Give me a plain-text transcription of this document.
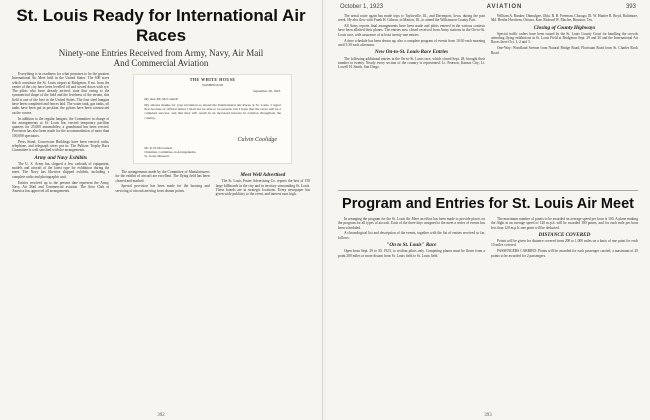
St. Louis Ready for International Air Races
Ninety-one Entries Received from Army, Navy, Air Mail
And Commercial Aviation

Everything is in readiness for what promises to be the greatest International Air Meet held in the United States. The 600 acres which constitute the St. Louis airport at Bridgeton, 8 mi. from the center of the city have been levelled off and sowed down with rye. The pilots who have already arrived, state that owing to the symmetrical shape of the field and the levelness of the terrain, this field is one of the best in the United States. The four steel hangars have been completed and fences laid. The water tank, gas tanks, oil tanks have been put in position, the pylons have been constructed on the course.

In addition to the regular hangars, the Committee in charge of the arrangements at St. Louis has erected temporary pavilion quarters for 25,000 automobiles; a grandstand has been erected. Provision has also been made for the accommodation of more than 100,000 spectators.

Press Stand, Concession Buildings have been erected; radio, telephone, and telegraph wires put in. The Pulitzer Trophy Race Committee is well satisfied with the arrangements.

Army and Navy Exhibits

The U. S. Army has shipped a few carloads of equipment, models and aircraft of the latest type for exhibition during the meet. The Navy has likewise shipped exhibits, including a complete radio and photographic unit.

Entries received up to the present date represent the Army, Navy, Air Mail and Commercial aviation. The Aero Club of America has approved all arrangements.

THE WHITE HOUSE
WASHINGTON
September 26, 1923.
My dear Mr. McConnell:
My sincere thanks for your invitation to attend the International Air Races at St. Louis. I regret that because of official duties I shall not be able to be present, but I hope that the races will be a complete success, and that they will result in an increased interest in aviation throughout the country.
Calvin Coolidge
Mr. R. H. McConnell,
Chairman, Committee on Arrangements,
St. Louis, Missouri.

The arrangements made by the Committee of Manufacturers for the exhibit of aircraft are excellent. The flying field has been cleared and marked.

Special provision has been made for the housing and servicing of aircraft arriving from distant points.

Meet Well Advertised

The St. Louis Poster Advertising Co. reports the best of 150 large billboards in the city and in territory surrounding St. Louis. These boards are in strategic locations. Every newspaper has given wide publicity to the event, and interest runs high.

392
October 1, 1923	AVIATION	393

The aerial route again has made trips to Taylorville, Ill., and Davenport, Iowa, during the past week. He also flew with Frank H. Gibson, to Marion, Ill., to attend the Williamson County Fair.

All Army reports final arrangements have been made and pilots entered in the various contests have been allotted their planes. The entries now closed received from Army stations in the On-to-St. Louis race, with assurance of at least twenty-one entries.

A time schedule has been drawn up, also a complete program of events from 10:30 each morning until 5:30 each afternoon.

New On-to-St. Louis-Race Entries

The following additional entries in the On-to-St. Louis race, which closed Sept. 28, brought their number to twenty. Nearly every section of the country is represented: Lt. Pearson, Kansas City; Lt. Lowell H. Smith, San Diego.

William A. Bunker, Okmulgee, Okla. R. B. Freeman, Chicago, Ill. W. Hunter B. Boyd, Baltimore, Md. Bertha Horchem, Ottawa, Kan. Richard W. Maclee, Houston, Tex.

Closing of County Highways

Special traffic orders have been issued by the St. Louis County Court for handling the crowds attending flying exhibitions at St. Louis Field at Bridgeton Sept. 29 and 30 and the International Air Races there Oct. 1, 2 and 3.

One-Way: Woodland Avenue from Natural Bridge Road; Florissant Road from St. Charles Rock Road.

Program and Entries for St. Louis Air Meet

In arranging the program for the St. Louis Air Meet an effort has been made to provide places on the program for all types of aircraft. Each of the three days assigned to the meet a series of events has been scheduled.

A chronological list and description of the events, together with the list of entries received so far, follows:

"On to St. Louis" Race

Open from Sept. 29 to 30, 1923, to civilian pilots only. Competing planes must be flown from a point 200 miles or more distant from St. Louis field to St. Louis field.

The maximum number of points to be awarded on average speed per hour is 100. A plane making the flight at an average speed of 120 m.p.h. will be awarded 100 points, and for each mile per hour less than 120 m.p.h. one point will be deducted.

DISTANCE COVERED

Points will be given for distance covered from 200 to 1,000 miles on a basis of one point for each 10 miles covered.

PASSENGERS CARRIED: Points will be awarded for each passenger carried, a maximum of 20 points to be awarded for 2 passengers.

393
